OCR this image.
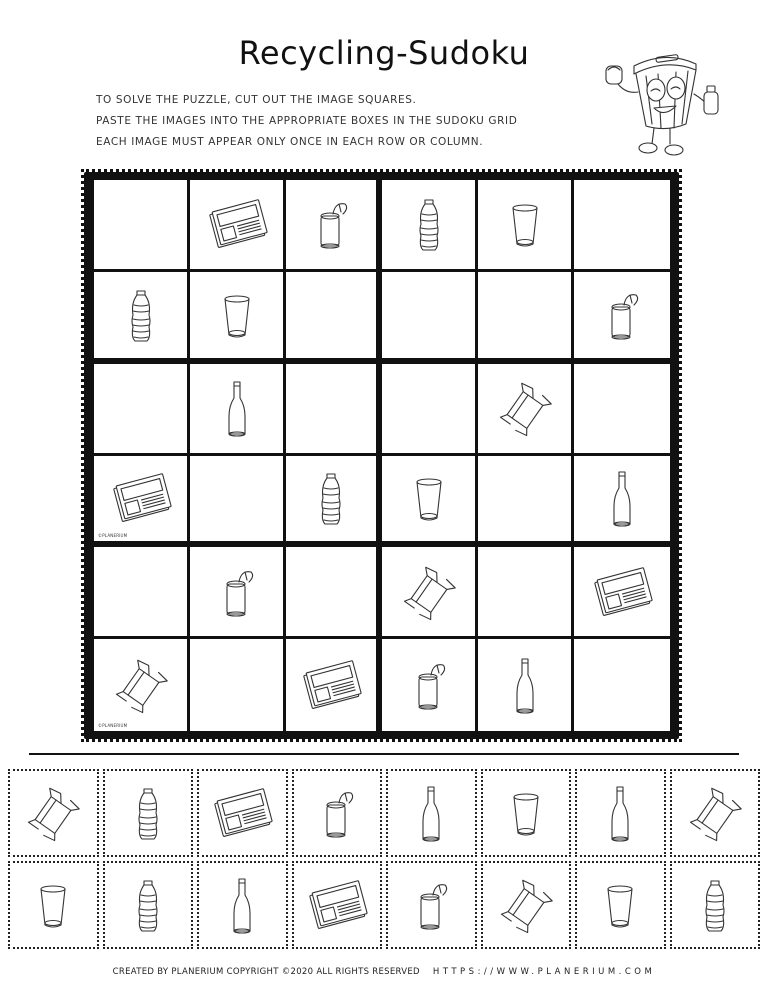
Recycling-Sudoku
TO SOLVE THE PUZZLE, CUT OUT THE IMAGE SQUARES.
PASTE THE IMAGES INTO THE APPROPRIATE BOXES IN THE SUDOKU GRID
EACH IMAGE MUST APPEAR ONLY ONCE IN EACH ROW OR COLUMN.
©PLANERIUM
©PLANERIUM
CREATED BY PLANERIUM COPYRIGHT ©2020 ALL RIGHTS RESERVED HTTPS://WWW.PLANERIUM.COM
